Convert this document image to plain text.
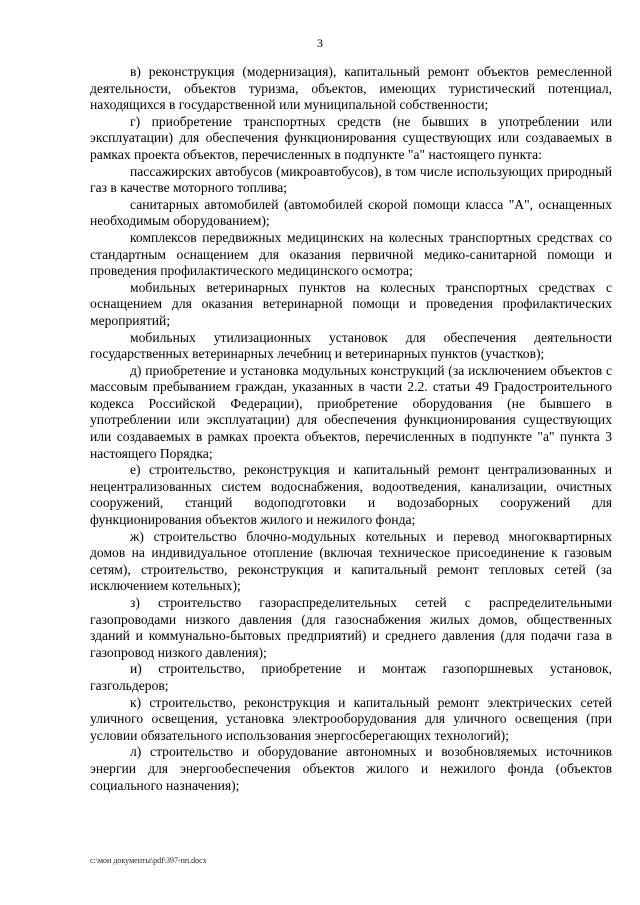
3

в) реконструкция (модернизация), капитальный ремонт объектов ремесленной деятельности, объектов туризма, объектов, имеющих туристический потенциал, находящихся в государственной или муниципальной собственности;

г) приобретение транспортных средств (не бывших в употреблении или эксплуатации) для обеспечения функционирования существующих или создаваемых в рамках проекта объектов, перечисленных в подпункте "а" настоящего пункта:

пассажирских автобусов (микроавтобусов), в том числе использующих природный газ в качестве моторного топлива;

санитарных автомобилей (автомобилей скорой помощи класса "А", оснащенных необходимым оборудованием);

комплексов передвижных медицинских на колесных транспортных средствах со стандартным оснащением для оказания первичной медико-санитарной помощи и проведения профилактического медицинского осмотра;

мобильных ветеринарных пунктов на колесных транспортных средствах с оснащением для оказания ветеринарной помощи и проведения профилактических мероприятий;

мобильных утилизационных установок для обеспечения деятельности государственных ветеринарных лечебниц и ветеринарных пунктов (участков);

д) приобретение и установка модульных конструкций (за исключением объектов с массовым пребыванием граждан, указанных в части 2.2. статьи 49 Градостроительного кодекса Российской Федерации), приобретение оборудования (не бывшего в употреблении или эксплуатации) для обеспечения функционирования существующих или создаваемых в рамках проекта объектов, перечисленных в подпункте "а" пункта 3 настоящего Порядка;

е) строительство, реконструкция и капитальный ремонт централизованных и нецентрализованных систем водоснабжения, водоотведения, канализации, очистных сооружений, станций водоподготовки и водозаборных сооружений для функционирования объектов жилого и нежилого фонда;

ж) строительство блочно-модульных котельных и перевод многоквартирных домов на индивидуальное отопление (включая техническое присоединение к газовым сетям), строительство, реконструкция и капитальный ремонт тепловых сетей (за исключением котельных);

з) строительство газораспределительных сетей с распределительными газопроводами низкого давления (для газоснабжения жилых домов, общественных зданий и коммунально-бытовых предприятий) и среднего давления (для подачи газа в газопровод низкого давления);

и) строительство, приобретение и монтаж газопоршневых установок, газгольдеров;

к) строительство, реконструкция и капитальный ремонт электрических сетей уличного освещения, установка электрооборудования для уличного освещения (при условии обязательного использования энергосберегающих технологий);

л) строительство и оборудование автономных и возобновляемых источников энергии для энергообеспечения объектов жилого и нежилого фонда (объектов социального назначения);

c:\мои документы\pdf\397-пп.docx
